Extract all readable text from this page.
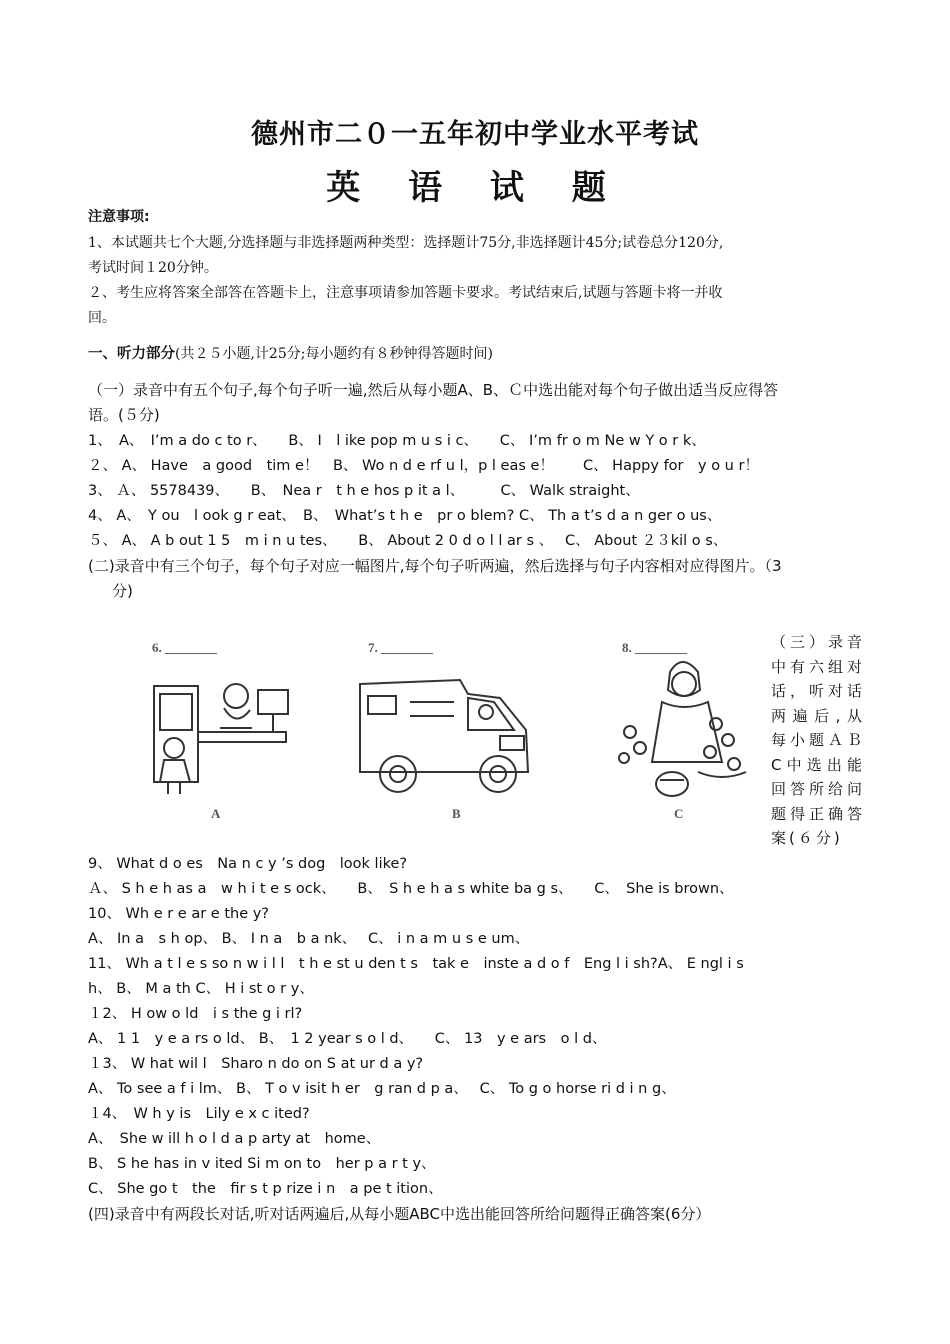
德州市二０一五年初中学业水平考试
英 语 试 题
注意事项:
1、本试题共七个大题,分选择题与非选择题两种类型：选择题计75分,非选择题计45分;试卷总分120分,
考试时间１20分钟。
２、考生应将答案全部答在答题卡上，注意事项请参加答题卡要求。考试结束后,试题与答题卡将一并收
回。
一、听力部分(共２５小题,计25分;每小题约有８秒钟得答题时间)
（一）录音中有五个句子,每个句子听一遍,然后从每小题A、B、Ｃ中选出能对每个句子做出适当反应得答
语。(５分)
1、　A、　I’m a do c to r、　　B、 I　l ike pop m u s i c、　　C、 I’m fr o m Ne w Y o r k、
２、 A、 Have　a good　tim e！　B、 Wo n d e rf u l，p l eas e！　　C、 Happy for　y o u r！
3、 Ａ、 5578439、　　B、　Nea r　t h e hos p it a l、　　　C、 Walk straight、
4、 A、　Y ou　l ook g r eat、　B、　What’s t h e　pr o blem? C、 Th a t’s d a n ger o us、
５、 A、 A b out 1 5　m i n u tes、　　B、 About 2 0 d o l l ar s 、　 C、 About ２３kil o s、
(二)录音中有三个句子，每个句子对应一幅图片,每个句子听两遍，然后选择与句子内容相对应得图片。（3
分)
6. ________
A
7. ________
B
8. ________
C
（三）录音中有六组对话，听对话两遍后,从每小题ＡＢC中选出能回答所给问题得正确答案(６分)
9、 What d o es　Na n c y ’s dog　look like?
Ａ、 S h e h as a　w h i t e s ock、　　B、　S h e h a s white ba g s、　　C、　She is brown、
10、 Wh e r e ar e the y?
A、 In a　s h op、 B、 I n a　b a nk、　 C、 i n a m u s e um、
11、 Wh a t l e s so n w i l l　t h e st u den t s　tak e　inste a d o f　Eng l i sh?A、 E ngl i s
h、 B、 M a th C、 H i st o r y、
１2、 H ow o ld　i s the g i rl?
A、 1 1　y e a rs o ld、 B、　1 2 year s o l d、　　C、 13　y e ars　o l d、
１3、 W hat wil l　Sharo n do on S at ur d a y?
A、 To see a f i lm、 B、 T o v isit h er　g ran d p a、　 C、 To g o horse ri d i n g、
１4、　W h y is　Lily e x c ited?
A、　She w ill h o l d a p arty at　home、
B、 S he has in v ited Si m on to　her p a r t y、
C、 She go t　the　fir s t p rize i n　a pe t ition、
(四)录音中有两段长对话,听对话两遍后,从每小题ABC中选出能回答所给问题得正确答案(6分）
